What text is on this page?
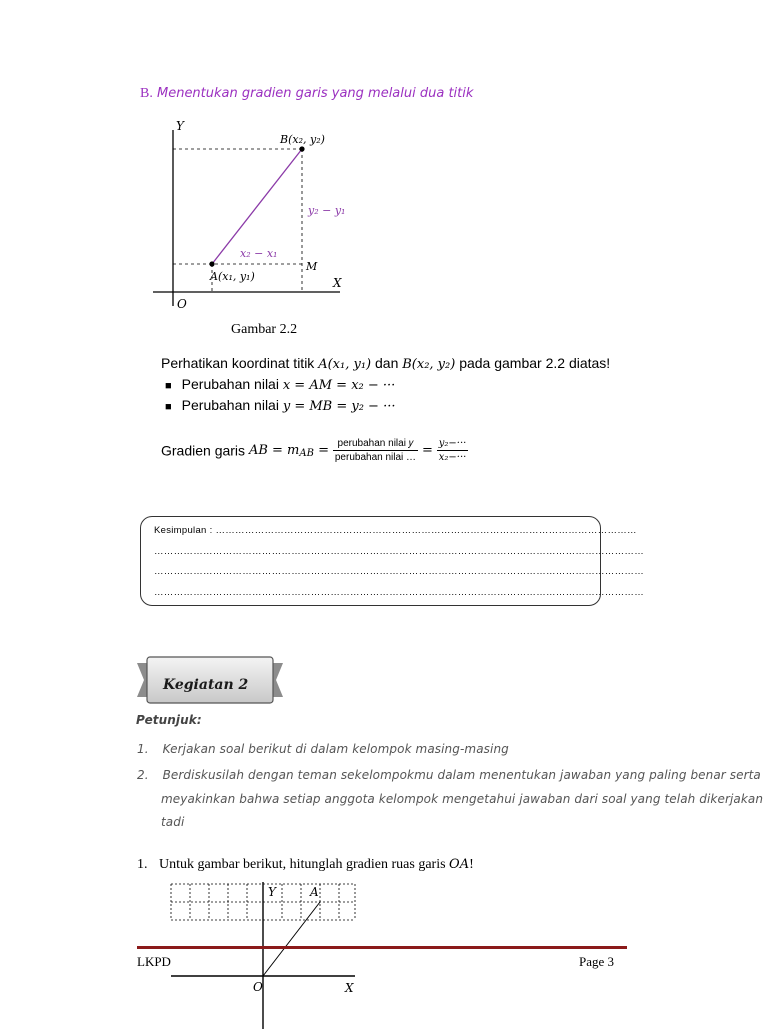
B. Menentukan gradien garis yang melalui dua titik
Y
X
O
B(x₂, y₂)
A(x₁, y₁)
M
y₂ − y₁
x₂ − x₁
Gambar 2.2
Perhatikan koordinat titik A(x₁, y₁) dan B(x₂, y₂) pada gambar 2.2 diatas!
■ Perubahan nilai x = AM = x₂ − ···
■ Perubahan nilai y = MB = y₂ − ···
Gradien garis AB = $m_{AB} = \frac{\text{perubahan nilai 𝑦}}{\text{perubahan nilai …}} = \frac{\text{y₂−···}}{\text{x₂−···}}$
Kesimpulan : …………………………………………………………………………………………………………………
……………………………………………………………………………………………………………………………………
……………………………………………………………………………………………………………………………………
……………………………………………………………………………………………………………………………………
Kegiatan 2
Petunjuk:
1. Kerjakan soal berikut di dalam kelompok masing-masing
2. Berdiskusilah dengan teman sekelompokmu dalam menentukan jawaban yang paling benar serta
meyakinkan bahwa setiap anggota kelompok mengetahui jawaban dari soal yang telah dikerjakan
tadi
1. Untuk gambar berikut, hitunglah gradien ruas garis OA!
Y	A
O	X
LKPD	Page 3
